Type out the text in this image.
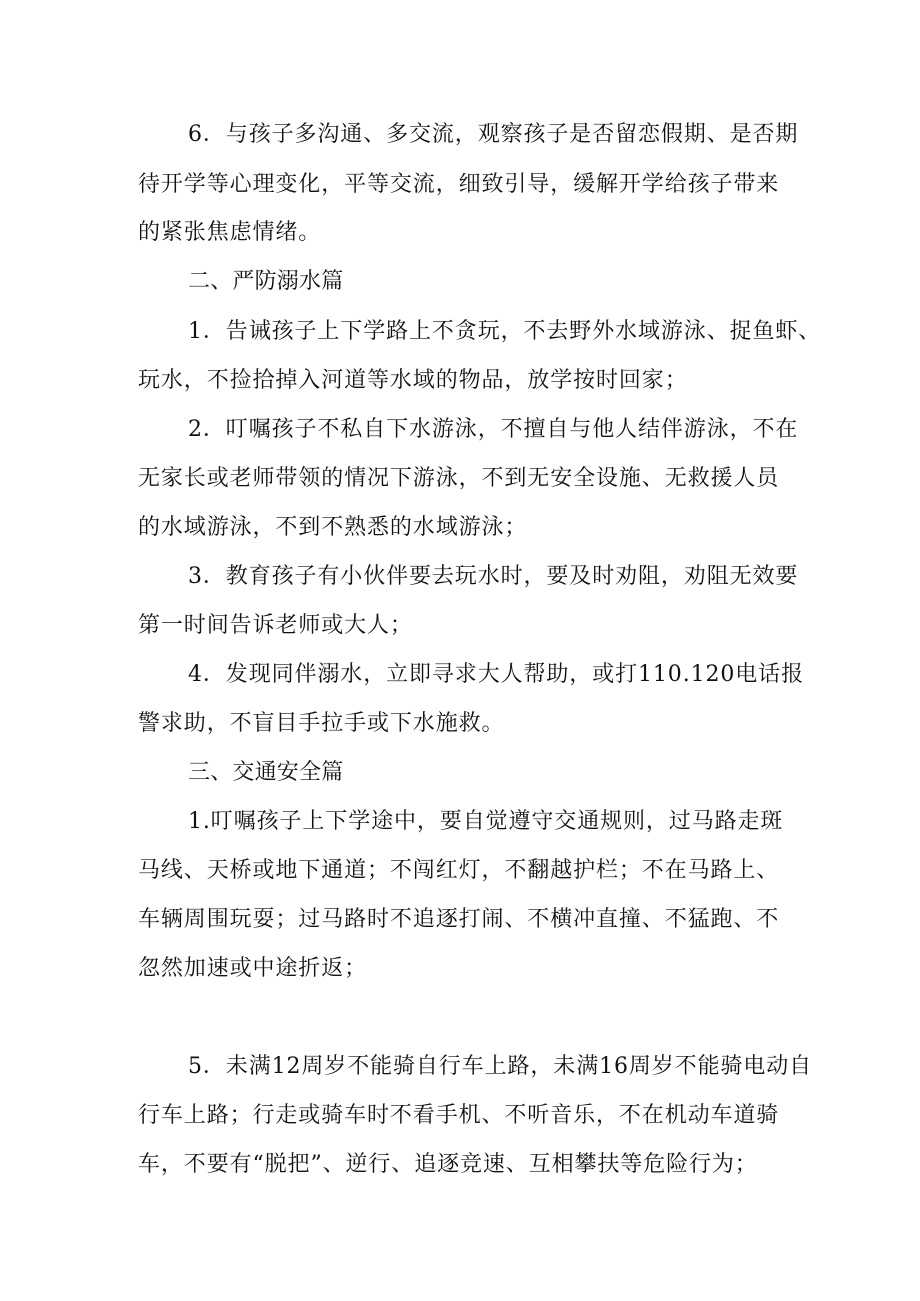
6．与孩子多沟通、多交流，观察孩子是否留恋假期、是否期
待开学等心理变化，平等交流，细致引导，缓解开学给孩子带来
的紧张焦虑情绪。
二、严防溺水篇
1．告诫孩子上下学路上不贪玩，不去野外水域游泳、捉鱼虾、
玩水，不捡拾掉入河道等水域的物品，放学按时回家；
2．叮嘱孩子不私自下水游泳，不擅自与他人结伴游泳，不在
无家长或老师带领的情况下游泳，不到无安全设施、无救援人员
的水域游泳，不到不熟悉的水域游泳；
3．教育孩子有小伙伴要去玩水时，要及时劝阻，劝阻无效要
第一时间告诉老师或大人；
4．发现同伴溺水，立即寻求大人帮助，或打110.120电话报
警求助，不盲目手拉手或下水施救。
三、交通安全篇
1.叮嘱孩子上下学途中，要自觉遵守交通规则，过马路走斑
马线、天桥或地下通道；不闯红灯，不翻越护栏；不在马路上、
车辆周围玩耍；过马路时不追逐打闹、不横冲直撞、不猛跑、不
忽然加速或中途折返；
5．未满12周岁不能骑自行车上路，未满16周岁不能骑电动自
行车上路；行走或骑车时不看手机、不听音乐，不在机动车道骑
车，不要有“脱把”、逆行、追逐竞速、互相攀扶等危险行为；
